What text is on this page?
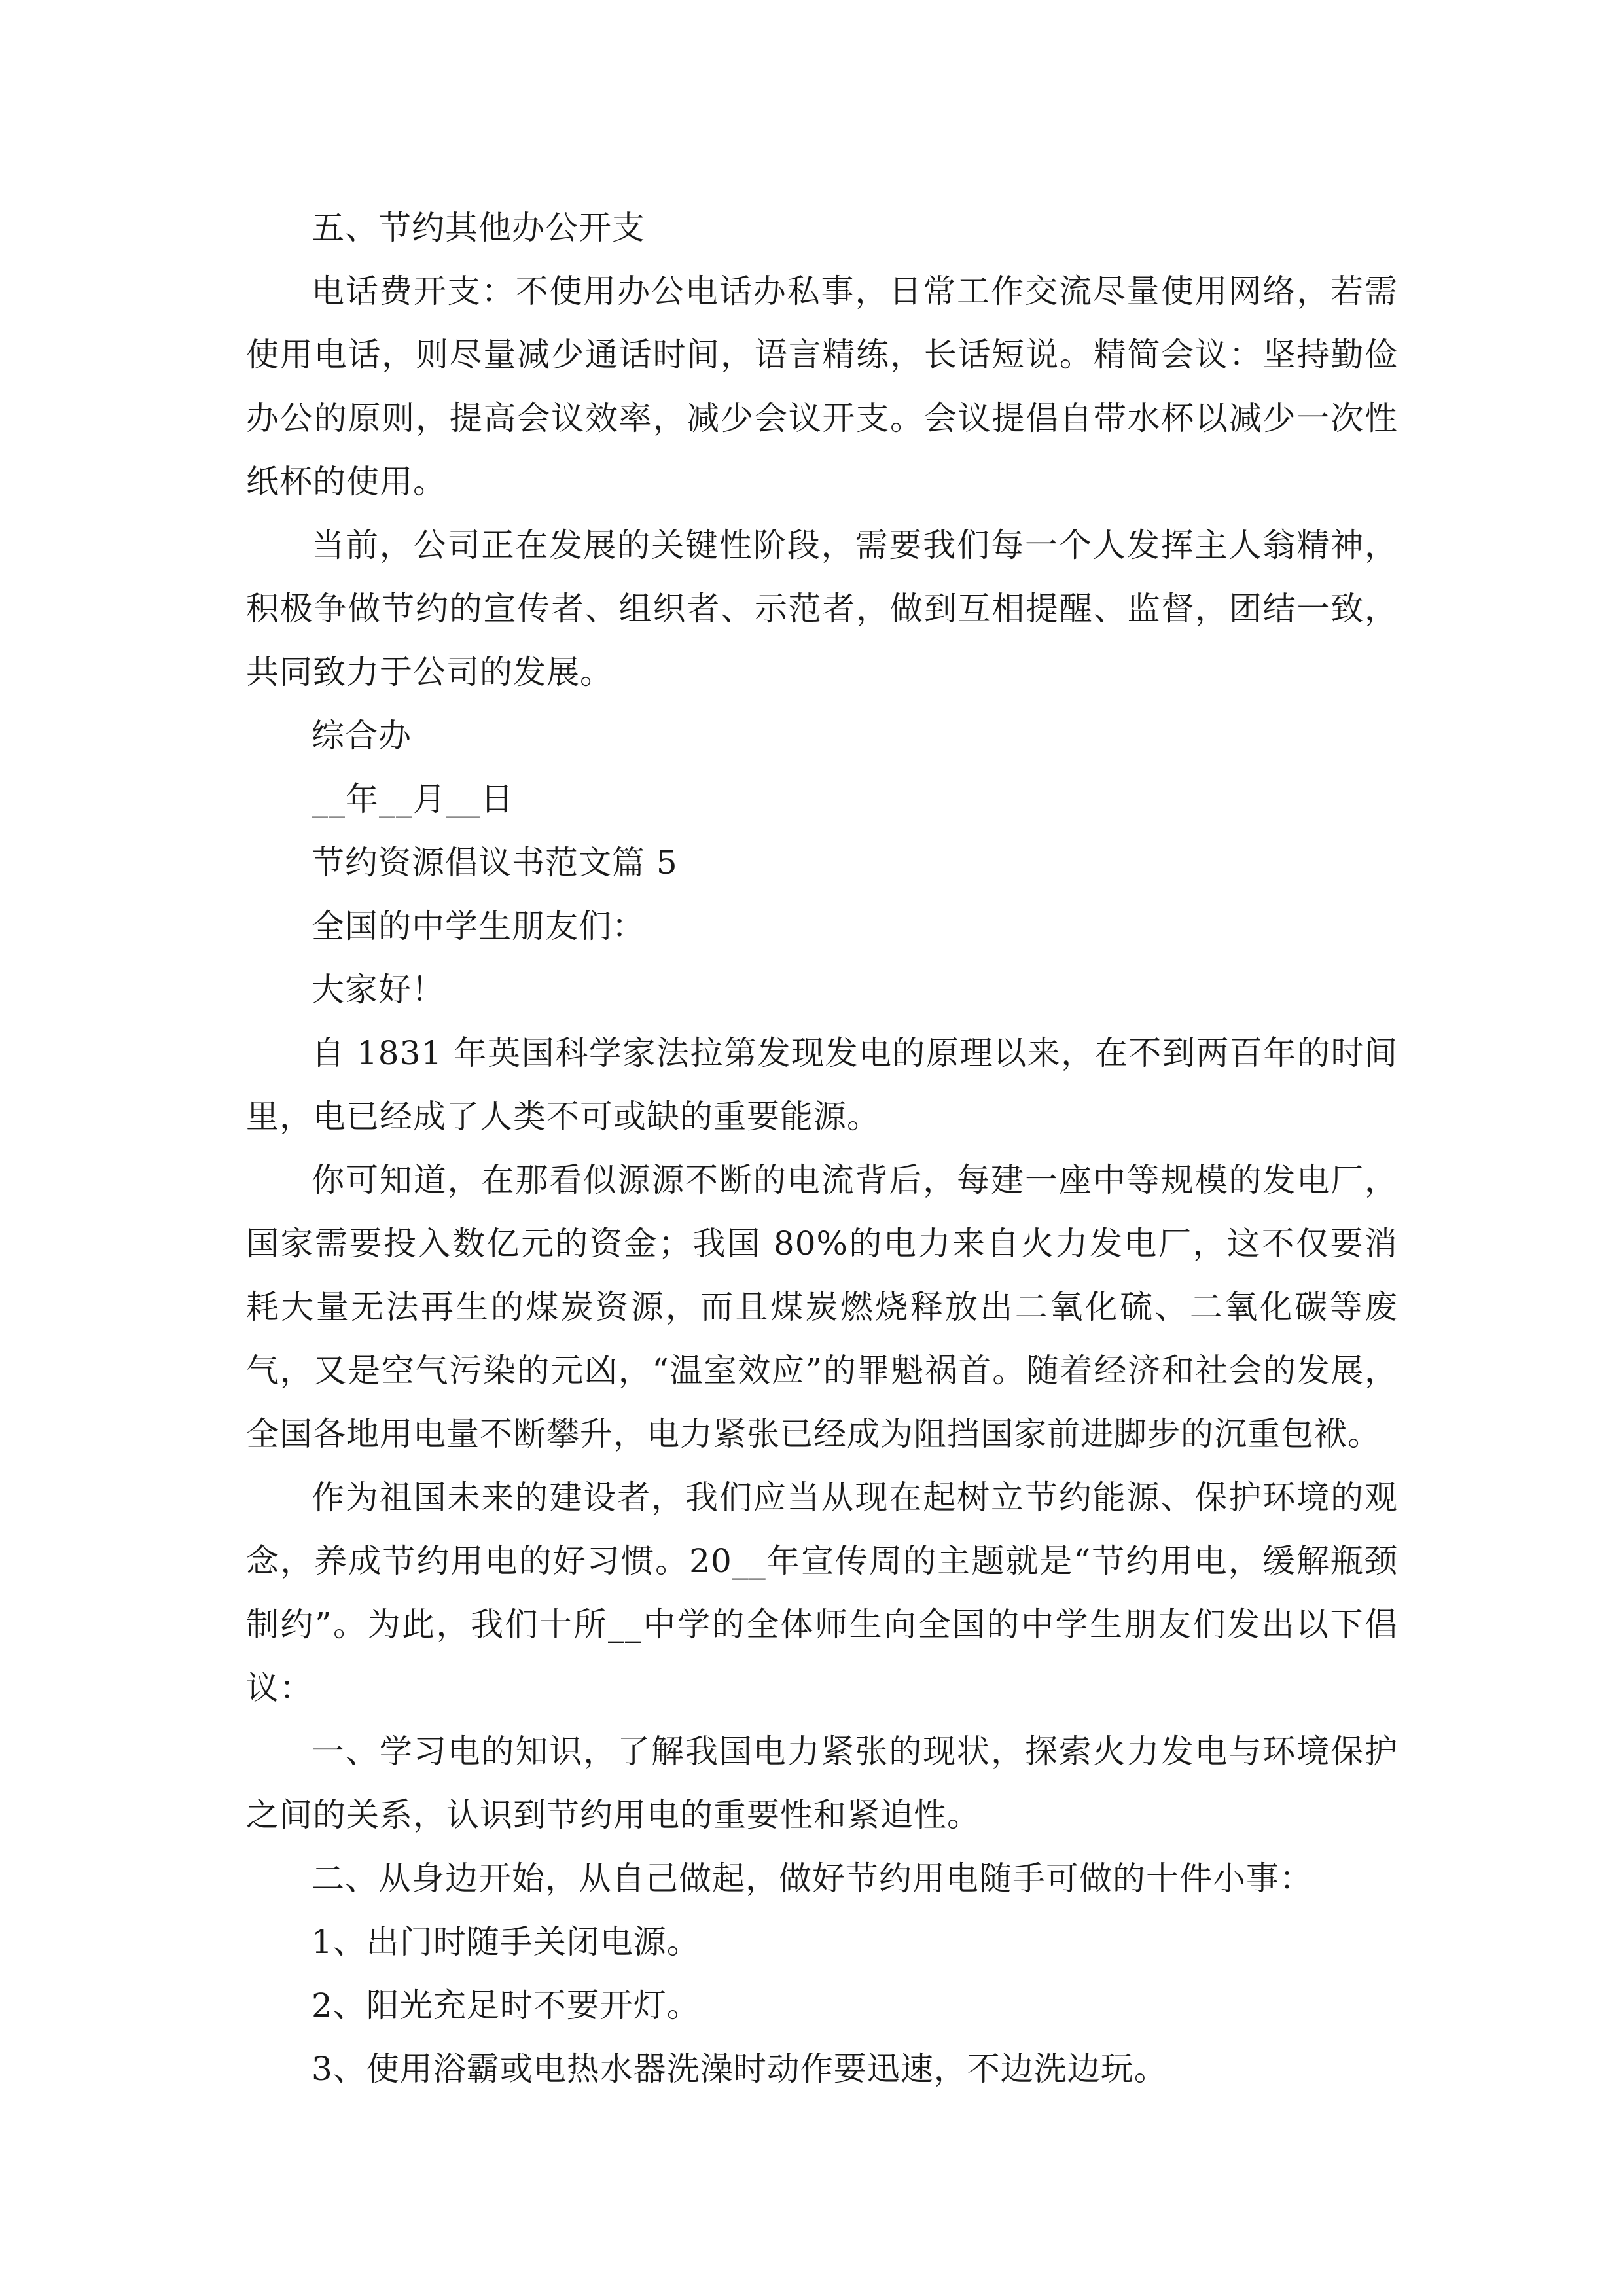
五、节约其他办公开支

电话费开支：不使用办公电话办私事，日常工作交流尽量使用网络，若需使用电话，则尽量减少通话时间，语言精练，长话短说。精简会议：坚持勤俭办公的原则，提高会议效率，减少会议开支。会议提倡自带水杯以减少一次性纸杯的使用。

当前，公司正在发展的关键性阶段，需要我们每一个人发挥主人翁精神，积极争做节约的宣传者、组织者、示范者，做到互相提醒、监督，团结一致，共同致力于公司的发展。

综合办

__年__月__日

节约资源倡议书范文篇 5

全国的中学生朋友们：

大家好！

自 1831 年英国科学家法拉第发现发电的原理以来，在不到两百年的时间里，电已经成了人类不可或缺的重要能源。

你可知道，在那看似源源不断的电流背后，每建一座中等规模的发电厂，国家需要投入数亿元的资金；我国 80%的电力来自火力发电厂，这不仅要消耗大量无法再生的煤炭资源，而且煤炭燃烧释放出二氧化硫、二氧化碳等废气，又是空气污染的元凶，“温室效应”的罪魁祸首。随着经济和社会的发展，全国各地用电量不断攀升，电力紧张已经成为阻挡国家前进脚步的沉重包袱。

作为祖国未来的建设者，我们应当从现在起树立节约能源、保护环境的观念，养成节约用电的好习惯。20__年宣传周的主题就是“节约用电，缓解瓶颈制约”。为此，我们十所__中学的全体师生向全国的中学生朋友们发出以下倡议：

一、学习电的知识，了解我国电力紧张的现状，探索火力发电与环境保护之间的关系，认识到节约用电的重要性和紧迫性。

二、从身边开始，从自己做起，做好节约用电随手可做的十件小事：

1、出门时随手关闭电源。

2、阳光充足时不要开灯。

3、使用浴霸或电热水器洗澡时动作要迅速，不边洗边玩。
